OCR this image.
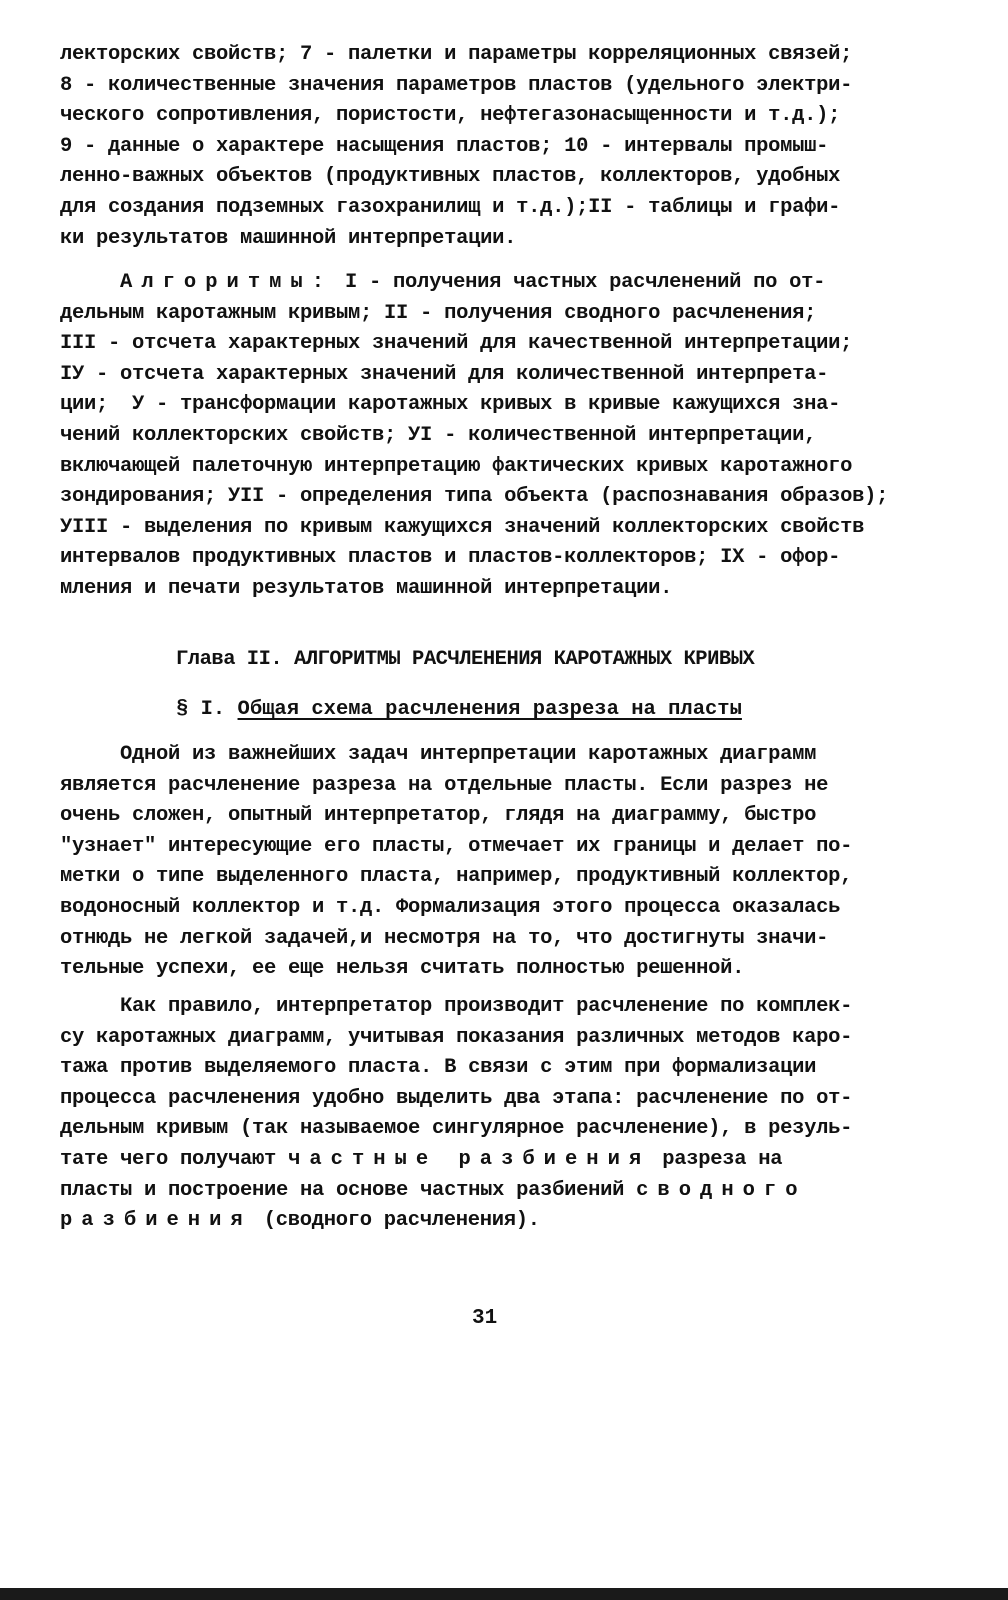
лекторских свойств; 7 - палетки и параметры корреляционных связей;
8 - количественные значения параметров пластов (удельного электри-
ческого сопротивления, пористости, нефтегазонасыщенности и т.д.);
9 - данные о характере насыщения пластов; 10 - интервалы промыш-
ленно-важных объектов (продуктивных пластов, коллекторов, удобных
для создания подземных газохранилищ и т.д.);II - таблицы и графи-
ки результатов машинной интерпретации.
Алгоритмы: I - получения частных расчленений по от-
дельным каротажным кривым; II - получения сводного расчленения;
III - отсчета характерных значений для качественной интерпретации;
IУ - отсчета характерных значений для количественной интерпрета-
ции;  У - трансформации каротажных кривых в кривые кажущихся зна-
чений коллекторских свойств; УI - количественной интерпретации,
включающей палеточную интерпретацию фактических кривых каротажного
зондирования; УII - определения типа объекта (распознавания образов);
УIII - выделения по кривым кажущихся значений коллекторских свойств
интервалов продуктивных пластов и пластов-коллекторов; IX - офор-
мления и печати результатов машинной интерпретации.
Глава II. АЛГОРИТМЫ РАСЧЛЕНЕНИЯ КАРОТАЖНЫХ КРИВЫХ
§ I. Общая схема расчленения разреза на пласты
Одной из важнейших задач интерпретации каротажных диаграмм
является расчленение разреза на отдельные пласты. Если разрез не
очень сложен, опытный интерпретатор, глядя на диаграмму, быстро
"узнает" интересующие его пласты, отмечает их границы и делает по-
метки о типе выделенного пласта, например, продуктивный коллектор,
водоносный коллектор и т.д. Формализация этого процесса оказалась
отнюдь не легкой задачей,и несмотря на то, что достигнуты значи-
тельные успехи, ее еще нельзя считать полностью решенной.
Как правило, интерпретатор производит расчленение по комплек-
су каротажных диаграмм, учитывая показания различных методов каро-
тажа против выделяемого пласта. В связи с этим при формализации
процесса расчленения удобно выделить два этапа: расчленение по от-
дельным кривым (так называемое сингулярное расчленение), в резуль-
тате чего получают частные разбиения разреза на
пласты и построение на основе частных разбиений сводного
разбиения (сводного расчленения).
31
